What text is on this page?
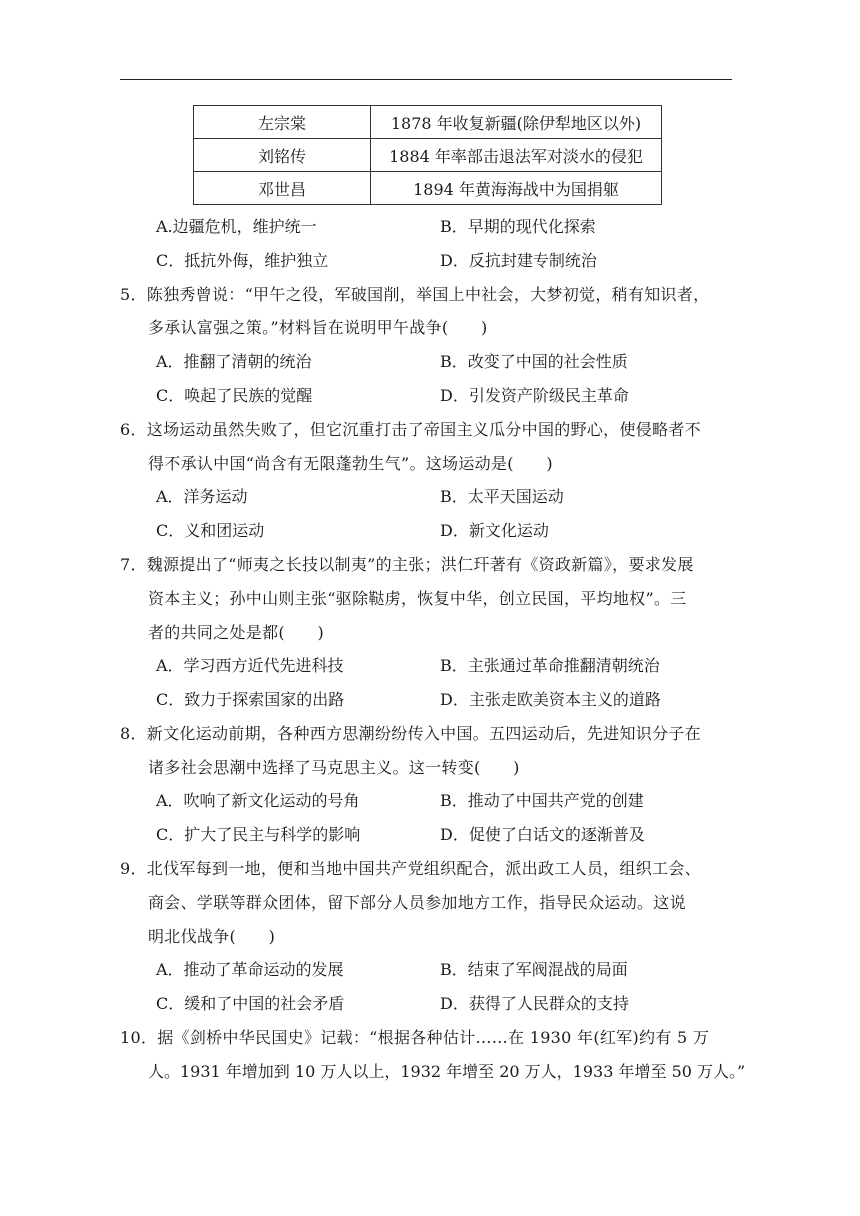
左宗棠	1878 年收复新疆(除伊犁地区以外)
刘铭传	1884 年率部击退法军对淡水的侵犯
邓世昌	1894 年黄海海战中为国捐躯
A.边疆危机，维护统一	B．早期的现代化探索
C．抵抗外侮，维护独立	D．反抗封建专制统治
5．陈独秀曾说：“甲午之役，军破国削，举国上中社会，大梦初觉，稍有知识者，
多承认富强之策。”材料旨在说明甲午战争(　　)
A．推翻了清朝的统治	B．改变了中国的社会性质
C．唤起了民族的觉醒	D．引发资产阶级民主革命
6．这场运动虽然失败了，但它沉重打击了帝国主义瓜分中国的野心，使侵略者不
得不承认中国“尚含有无限蓬勃生气”。这场运动是(　　)
A．洋务运动	B．太平天国运动
C．义和团运动	D．新文化运动
7．魏源提出了“师夷之长技以制夷”的主张；洪仁玕著有《资政新篇》，要求发展
资本主义；孙中山则主张“驱除鞑虏，恢复中华，创立民国，平均地权”。三
者的共同之处是都(　　)
A．学习西方近代先进科技	B．主张通过革命推翻清朝统治
C．致力于探索国家的出路	D．主张走欧美资本主义的道路
8．新文化运动前期，各种西方思潮纷纷传入中国。五四运动后，先进知识分子在
诸多社会思潮中选择了马克思主义。这一转变(　　)
A．吹响了新文化运动的号角	B．推动了中国共产党的创建
C．扩大了民主与科学的影响	D．促使了白话文的逐渐普及
9．北伐军每到一地，便和当地中国共产党组织配合，派出政工人员，组织工会、
商会、学联等群众团体，留下部分人员参加地方工作，指导民众运动。这说
明北伐战争(　　)
A．推动了革命运动的发展	B．结束了军阀混战的局面
C．缓和了中国的社会矛盾	D．获得了人民群众的支持
10．据《剑桥中华民国史》记载：“根据各种估计……在 1930 年(红军)约有 5 万
人。1931 年增加到 10 万人以上，1932 年增至 20 万人，1933 年增至 50 万人。”
